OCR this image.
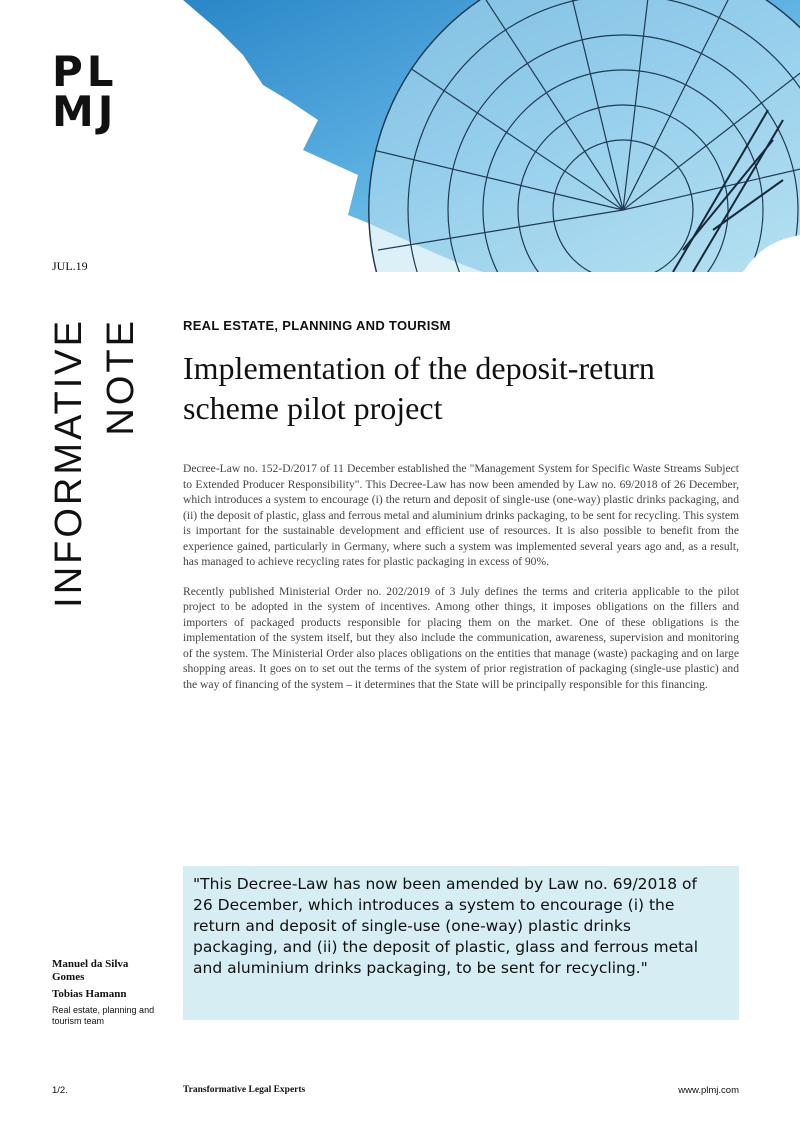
PL
MJ
JUL.19
INFORMATIVE NOTE	REAL ESTATE, PLANNING AND TOURISM
Implementation of the deposit-return
scheme pilot project

Decree-Law no. 152-D/2017 of 11 December established the "Management System for Specific Waste Streams Subject to Extended Producer Responsibility". This Decree-Law has now been amended by Law no. 69/2018 of 26 December, which introduces a system to encourage (i) the return and deposit of single-use (one-way) plastic drinks packaging, and (ii) the deposit of plastic, glass and ferrous metal and aluminium drinks packaging, to be sent for recycling. This system is important for the sustainable development and efficient use of resources. It is also possible to benefit from the experience gained, particularly in Germany, where such a system was implemented several years ago and, as a result, has managed to achieve recycling rates for plastic packaging in excess of 90%.

Recently published Ministerial Order no. 202/2019 of 3 July defines the terms and criteria applicable to the pilot project to be adopted in the system of incentives. Among other things, it imposes obligations on the fillers and importers of packaged products responsible for placing them on the market. One of these obligations is the implementation of the system itself, but they also include the communication, awareness, supervision and monitoring of the system. The Ministerial Order also places obligations on the entities that manage (waste) packaging and on large shopping areas. It goes on to set out the terms of the system of prior registration of packaging (single-use plastic) and the way of financing of the system – it determines that the State will be principally responsible for this financing.

"This Decree-Law has now been amended by Law no. 69/2018 of 26 December, which introduces a system to encourage (i) the return and deposit of single-use (one-way) plastic drinks packaging, and (ii) the deposit of plastic, glass and ferrous metal and aluminium drinks packaging, to be sent for recycling."
Manuel da Silva Gomes
Tobias Hamann
Real estate, planning and tourism team
1/2.	Transformative Legal Experts	www.plmj.com
